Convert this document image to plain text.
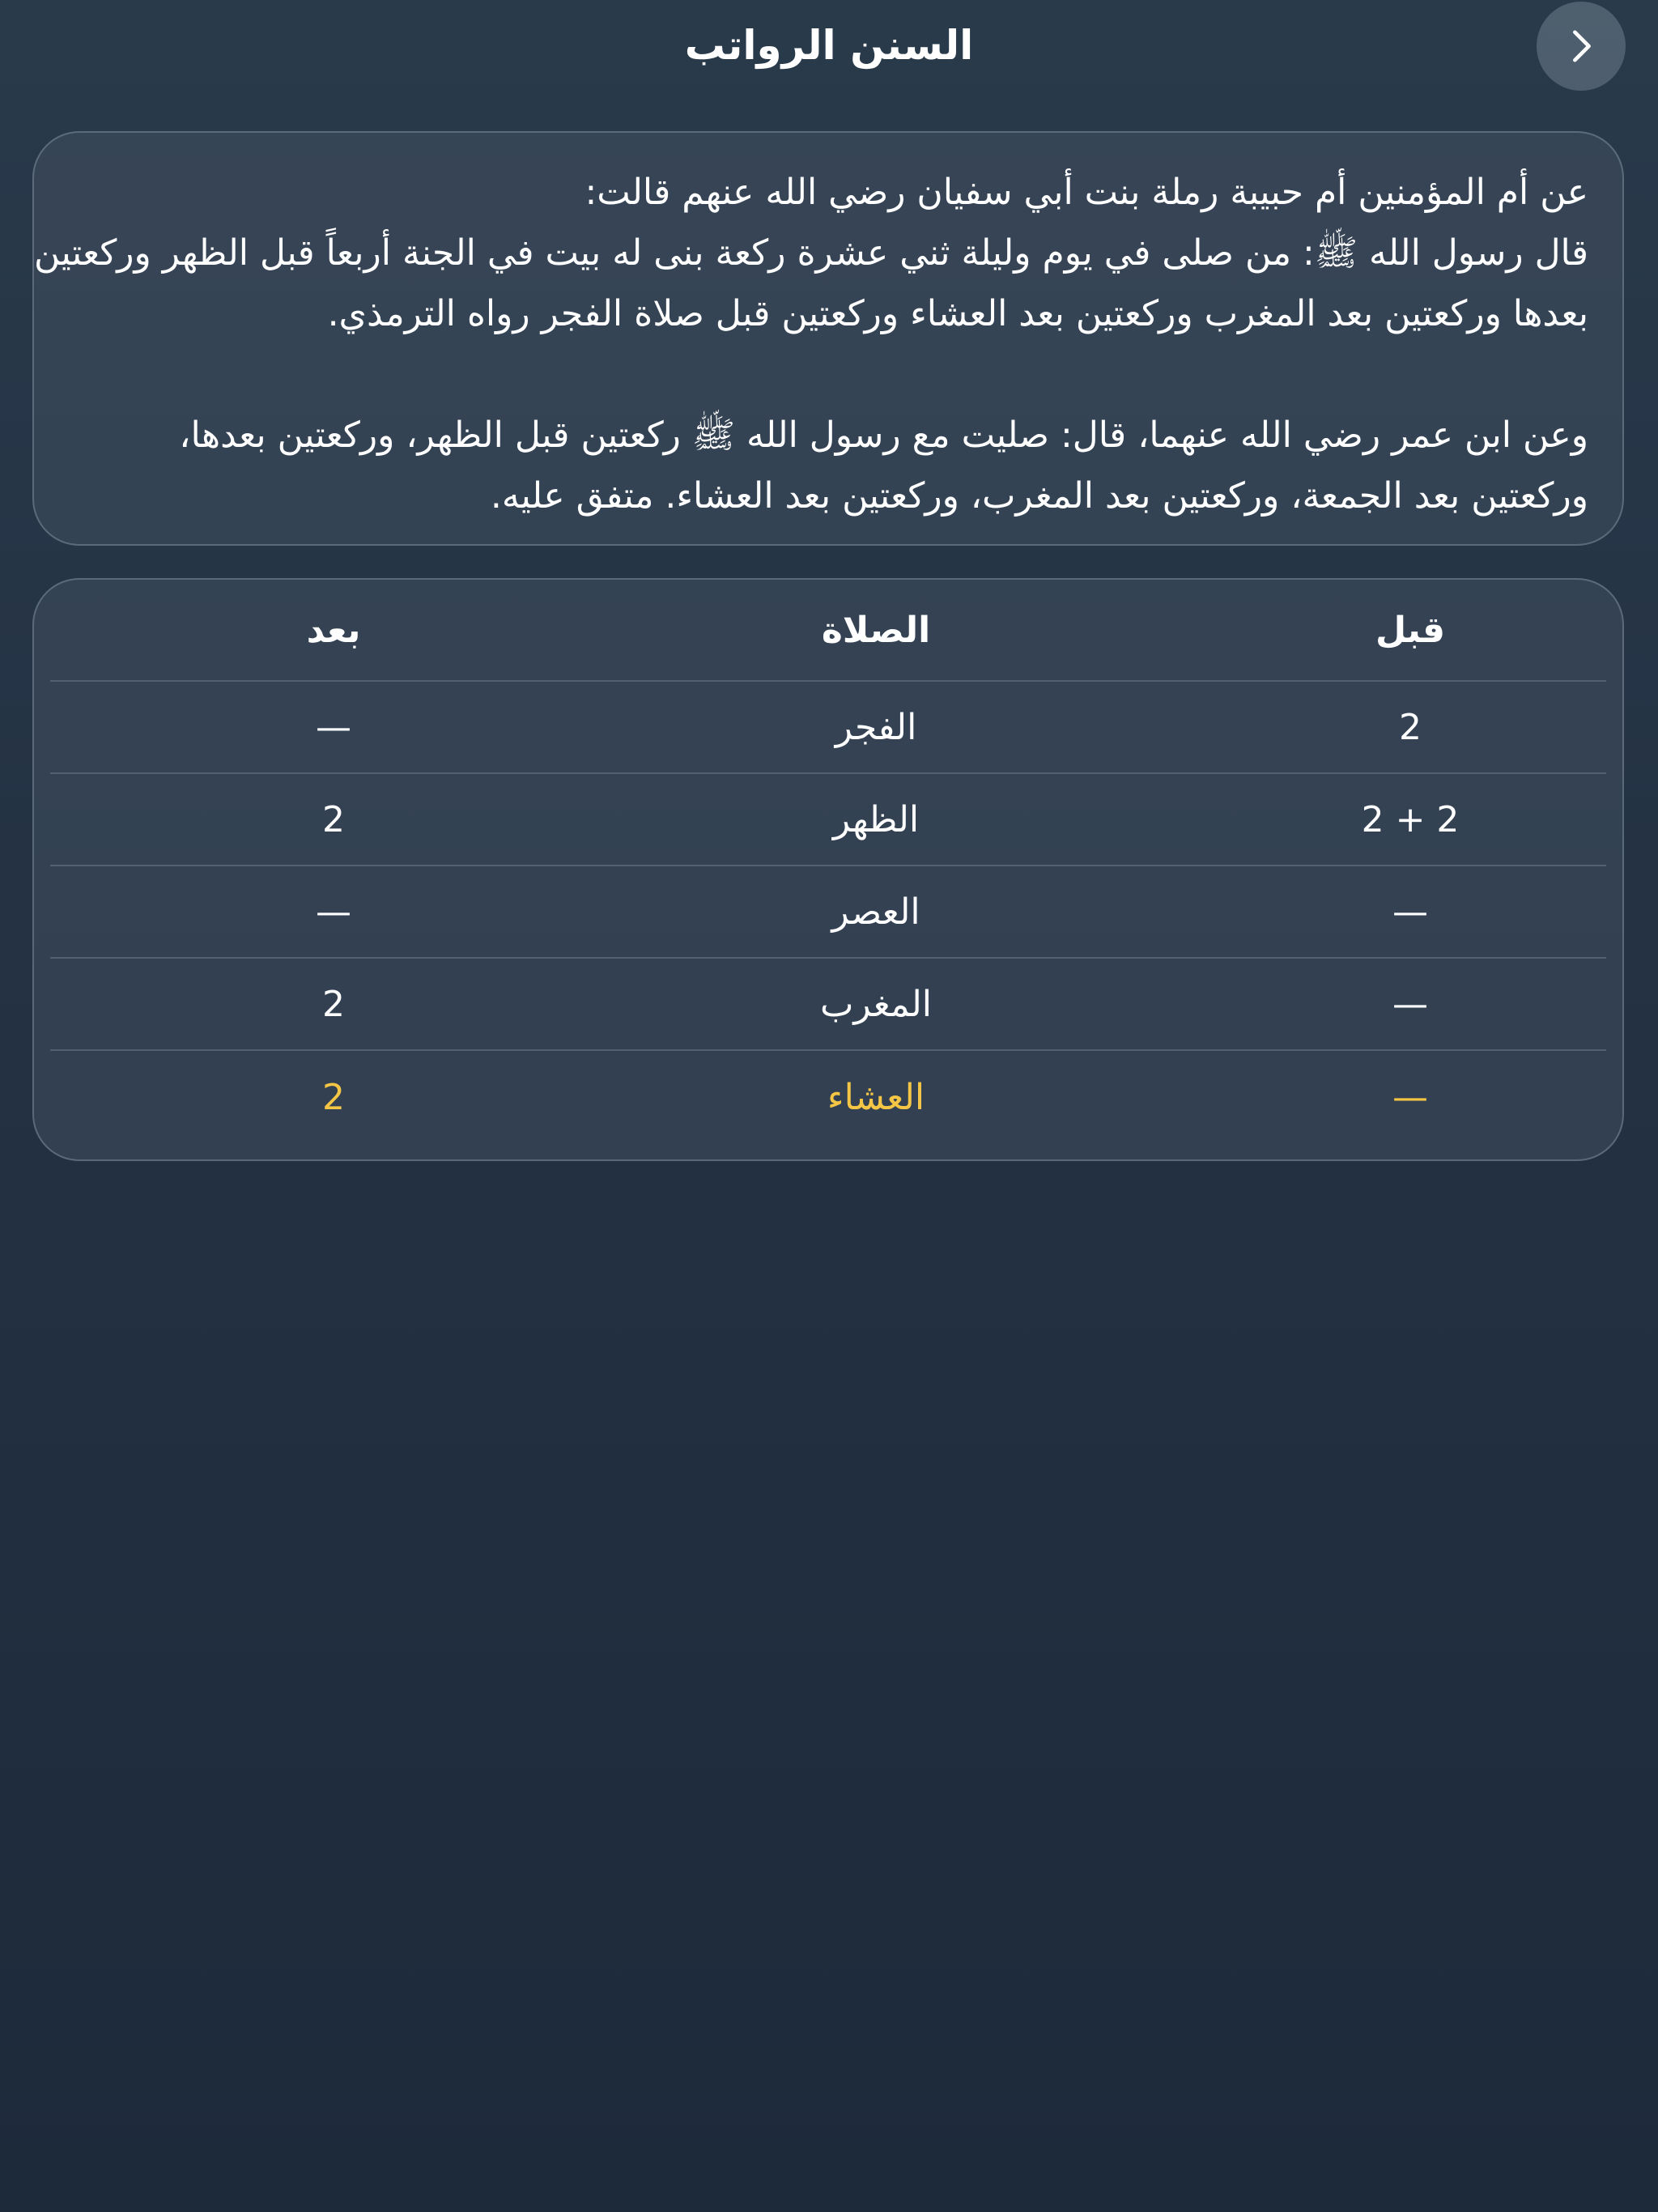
السنن الرواتب

عن أم المؤمنين أم حبيبة رملة بنت أبي سفيان رضي الله عنهم قالت:

قال رسول الله ﷺ: من صلى في يوم وليلة ثني عشرة ركعة بنى له بيت في الجنة أربعاً قبل الظهر وركعتين

بعدها وركعتين بعد المغرب وركعتين بعد العشاء وركعتين قبل صلاة الفجر رواه الترمذي.

وعن ابن عمر رضي الله عنهما، قال: صليت مع رسول الله ﷺ ركعتين قبل الظهر، وركعتين بعدها،

وركعتين بعد الجمعة، وركعتين بعد المغرب، وركعتين بعد العشاء. متفق عليه.

قبل
الصلاة
بعد
2
الفجر
—
2 + 2
الظهر
2
—
العصر
—
—
المغرب
2
—
العشاء
2
